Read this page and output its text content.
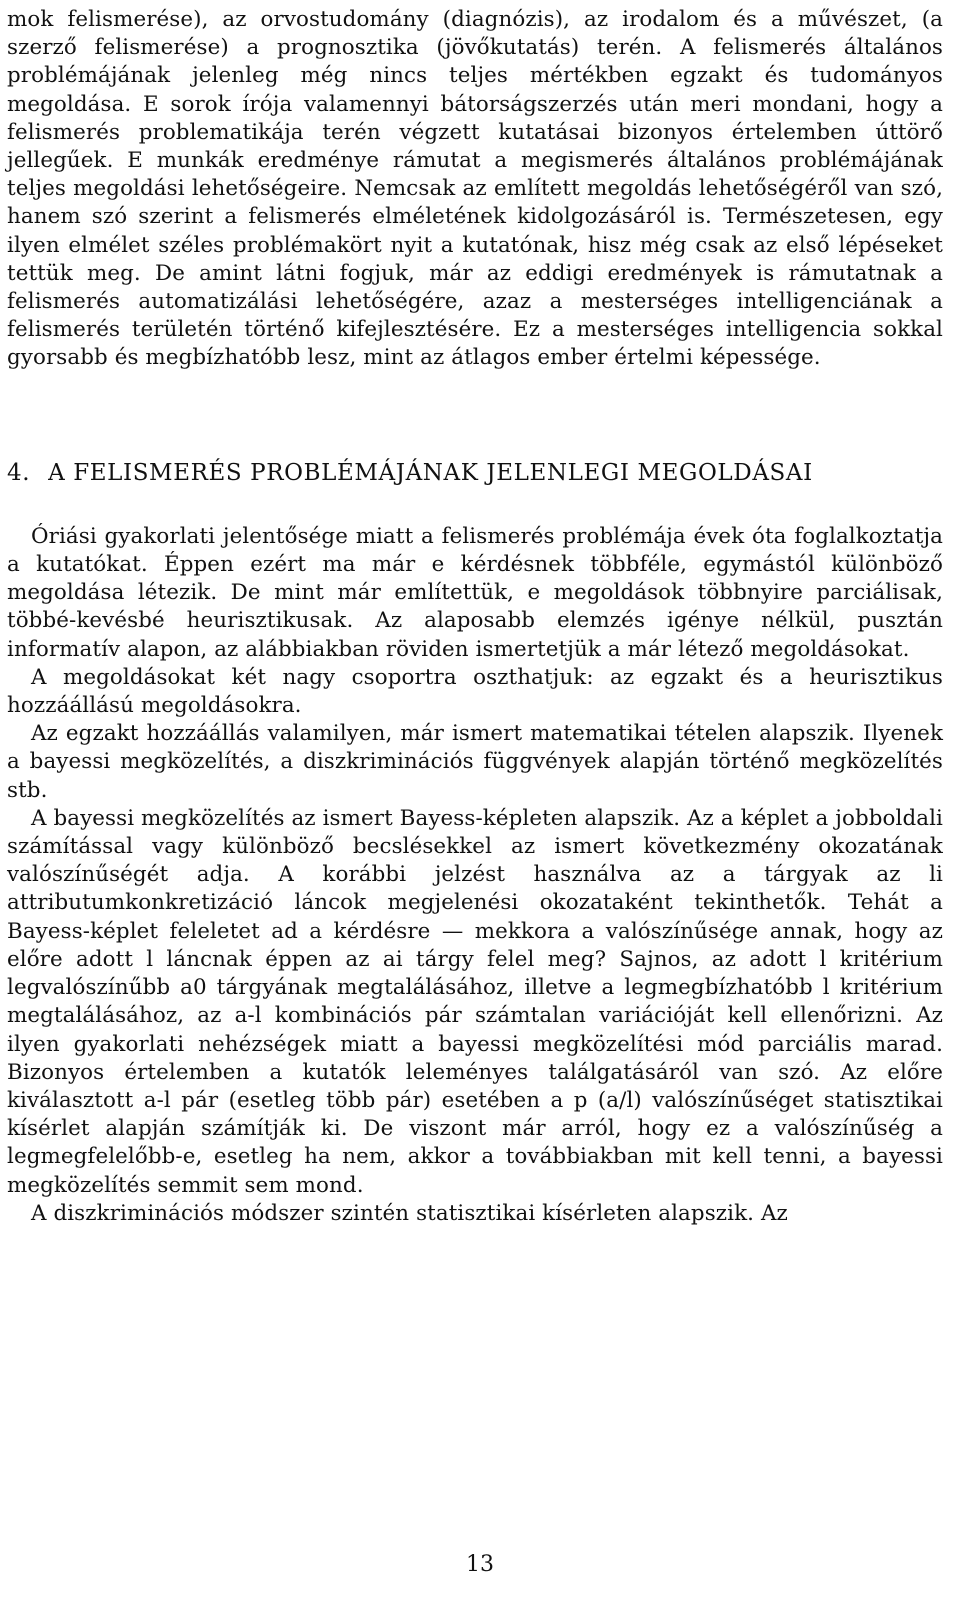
mok felismerése), az orvostudomány (diagnózis), az irodalom és a művészet, (a szerző felismerése) a prognosztika (jövőkutatás) terén. A felismerés általános problémájának jelenleg még nincs teljes mértékben egzakt és tudományos megoldása. E sorok írója valamennyi bátorságszerzés után meri mondani, hogy a felismerés problematikája terén végzett kutatásai bizonyos értelemben úttörő jellegűek. E munkák eredménye rámutat a megismerés általános problémájának teljes megoldási lehetőségeire. Nemcsak az említett megoldás lehetőségéről van szó, hanem szó szerint a felismerés elméletének kidolgozásáról is. Természetesen, egy ilyen elmélet széles problémakört nyit a kutatónak, hisz még csak az első lépéseket tettük meg. De amint látni fogjuk, már az eddigi eredmények is rámutatnak a felismerés automatizálási lehetőségére, azaz a mesterséges intelligenciának a felismerés területén történő kifejlesztésére. Ez a mesterséges intelligencia sokkal gyorsabb és megbízhatóbb lesz, mint az átlagos ember értelmi képessége.

4. A FELISMERÉS PROBLÉMÁJÁNAK JELENLEGI MEGOLDÁSAI

Óriási gyakorlati jelentősége miatt a felismerés problémája évek óta foglalkoztatja a kutatókat. Éppen ezért ma már e kérdésnek többféle, egymástól különböző megoldása létezik. De mint már említettük, e megoldások többnyire parciálisak, többé-kevésbé heurisztikusak. Az alaposabb elemzés igénye nélkül, pusztán informatív alapon, az alábbiakban röviden ismertetjük a már létező megoldásokat.

A megoldásokat két nagy csoportra oszthatjuk: az egzakt és a heurisztikus hozzáállású megoldásokra.

Az egzakt hozzáállás valamilyen, már ismert matematikai tételen alapszik. Ilyenek a bayessi megközelítés, a diszkriminációs függvények alapján történő megközelítés stb.

A bayessi megközelítés az ismert Bayess-képleten alapszik. Az a képlet a jobboldali számítással vagy különböző becslésekkel az ismert következmény okozatának valószínűségét adja. A korábbi jelzést használva az a tárgyak az li attributumkonkretizáció láncok megjelenési okozataként tekinthetők. Tehát a Bayess-képlet feleletet ad a kérdésre — mekkora a valószínűsége annak, hogy az előre adott l láncnak éppen az ai tárgy felel meg? Sajnos, az adott l kritérium legvalószínűbb a0 tárgyának megtalálásához, illetve a legmegbízhatóbb l kritérium megtalálásához, az a-l kombinációs pár számtalan variációját kell ellenőrizni. Az ilyen gyakorlati nehézségek miatt a bayessi megközelítési mód parciális marad. Bizonyos értelemben a kutatók leleményes találgatásáról van szó. Az előre kiválasztott a-l pár (esetleg több pár) esetében a p (a/l) valószínűséget statisztikai kísérlet alapján számítják ki. De viszont már arról, hogy ez a valószínűség a legmegfelelőbb-e, esetleg ha nem, akkor a továbbiakban mit kell tenni, a bayessi megközelítés semmit sem mond.

A diszkriminációs módszer szintén statisztikai kísérleten alapszik. Az

13
